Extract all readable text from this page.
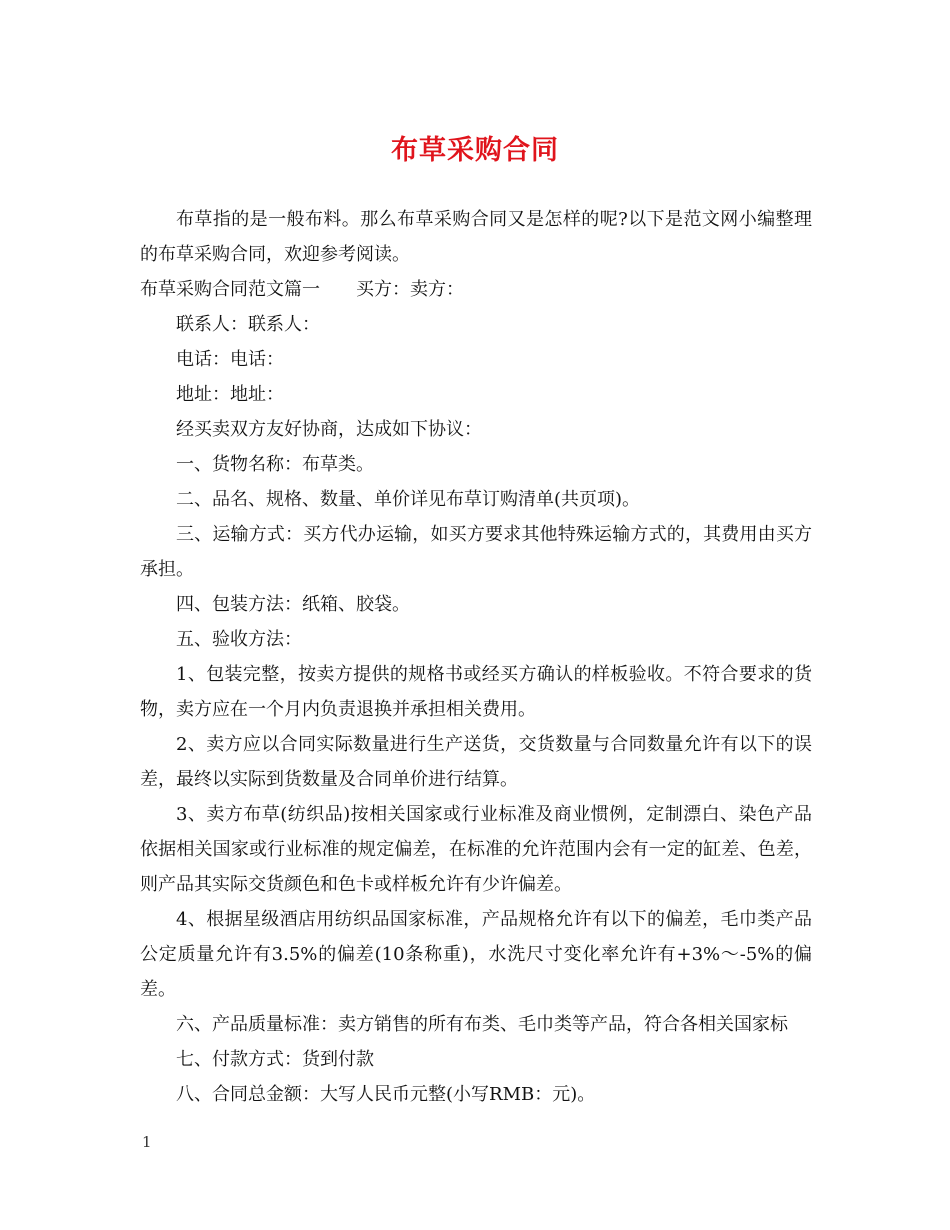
布草采购合同

布草指的是一般布料。那么布草采购合同又是怎样的呢?以下是范文网小编整理的布草采购合同，欢迎参考阅读。

布草采购合同范文篇一　　买方：卖方：

联系人：联系人：

电话：电话：

地址：地址：

经买卖双方友好协商，达成如下协议：

一、货物名称：布草类。

二、品名、规格、数量、单价详见布草订购清单(共页项)。

三、运输方式：买方代办运输，如买方要求其他特殊运输方式的，其费用由买方承担。

四、包装方法：纸箱、胶袋。

五、验收方法：

1、包装完整，按卖方提供的规格书或经买方确认的样板验收。不符合要求的货物，卖方应在一个月内负责退换并承担相关费用。

2、卖方应以合同实际数量进行生产送货，交货数量与合同数量允许有以下的误差，最终以实际到货数量及合同单价进行结算。

3、卖方布草(纺织品)按相关国家或行业标准及商业惯例，定制漂白、染色产品依据相关国家或行业标准的规定偏差，在标准的允许范围内会有一定的缸差、色差，则产品其实际交货颜色和色卡或样板允许有少许偏差。

4、根据星级酒店用纺织品国家标准，产品规格允许有以下的偏差，毛巾类产品公定质量允许有3.5%的偏差(10条称重)，水洗尺寸变化率允许有+3%～-5%的偏差。

六、产品质量标准：卖方销售的所有布类、毛巾类等产品，符合各相关国家标

七、付款方式：货到付款

八、合同总金额：大写人民币元整(小写RMB：元)。

1
